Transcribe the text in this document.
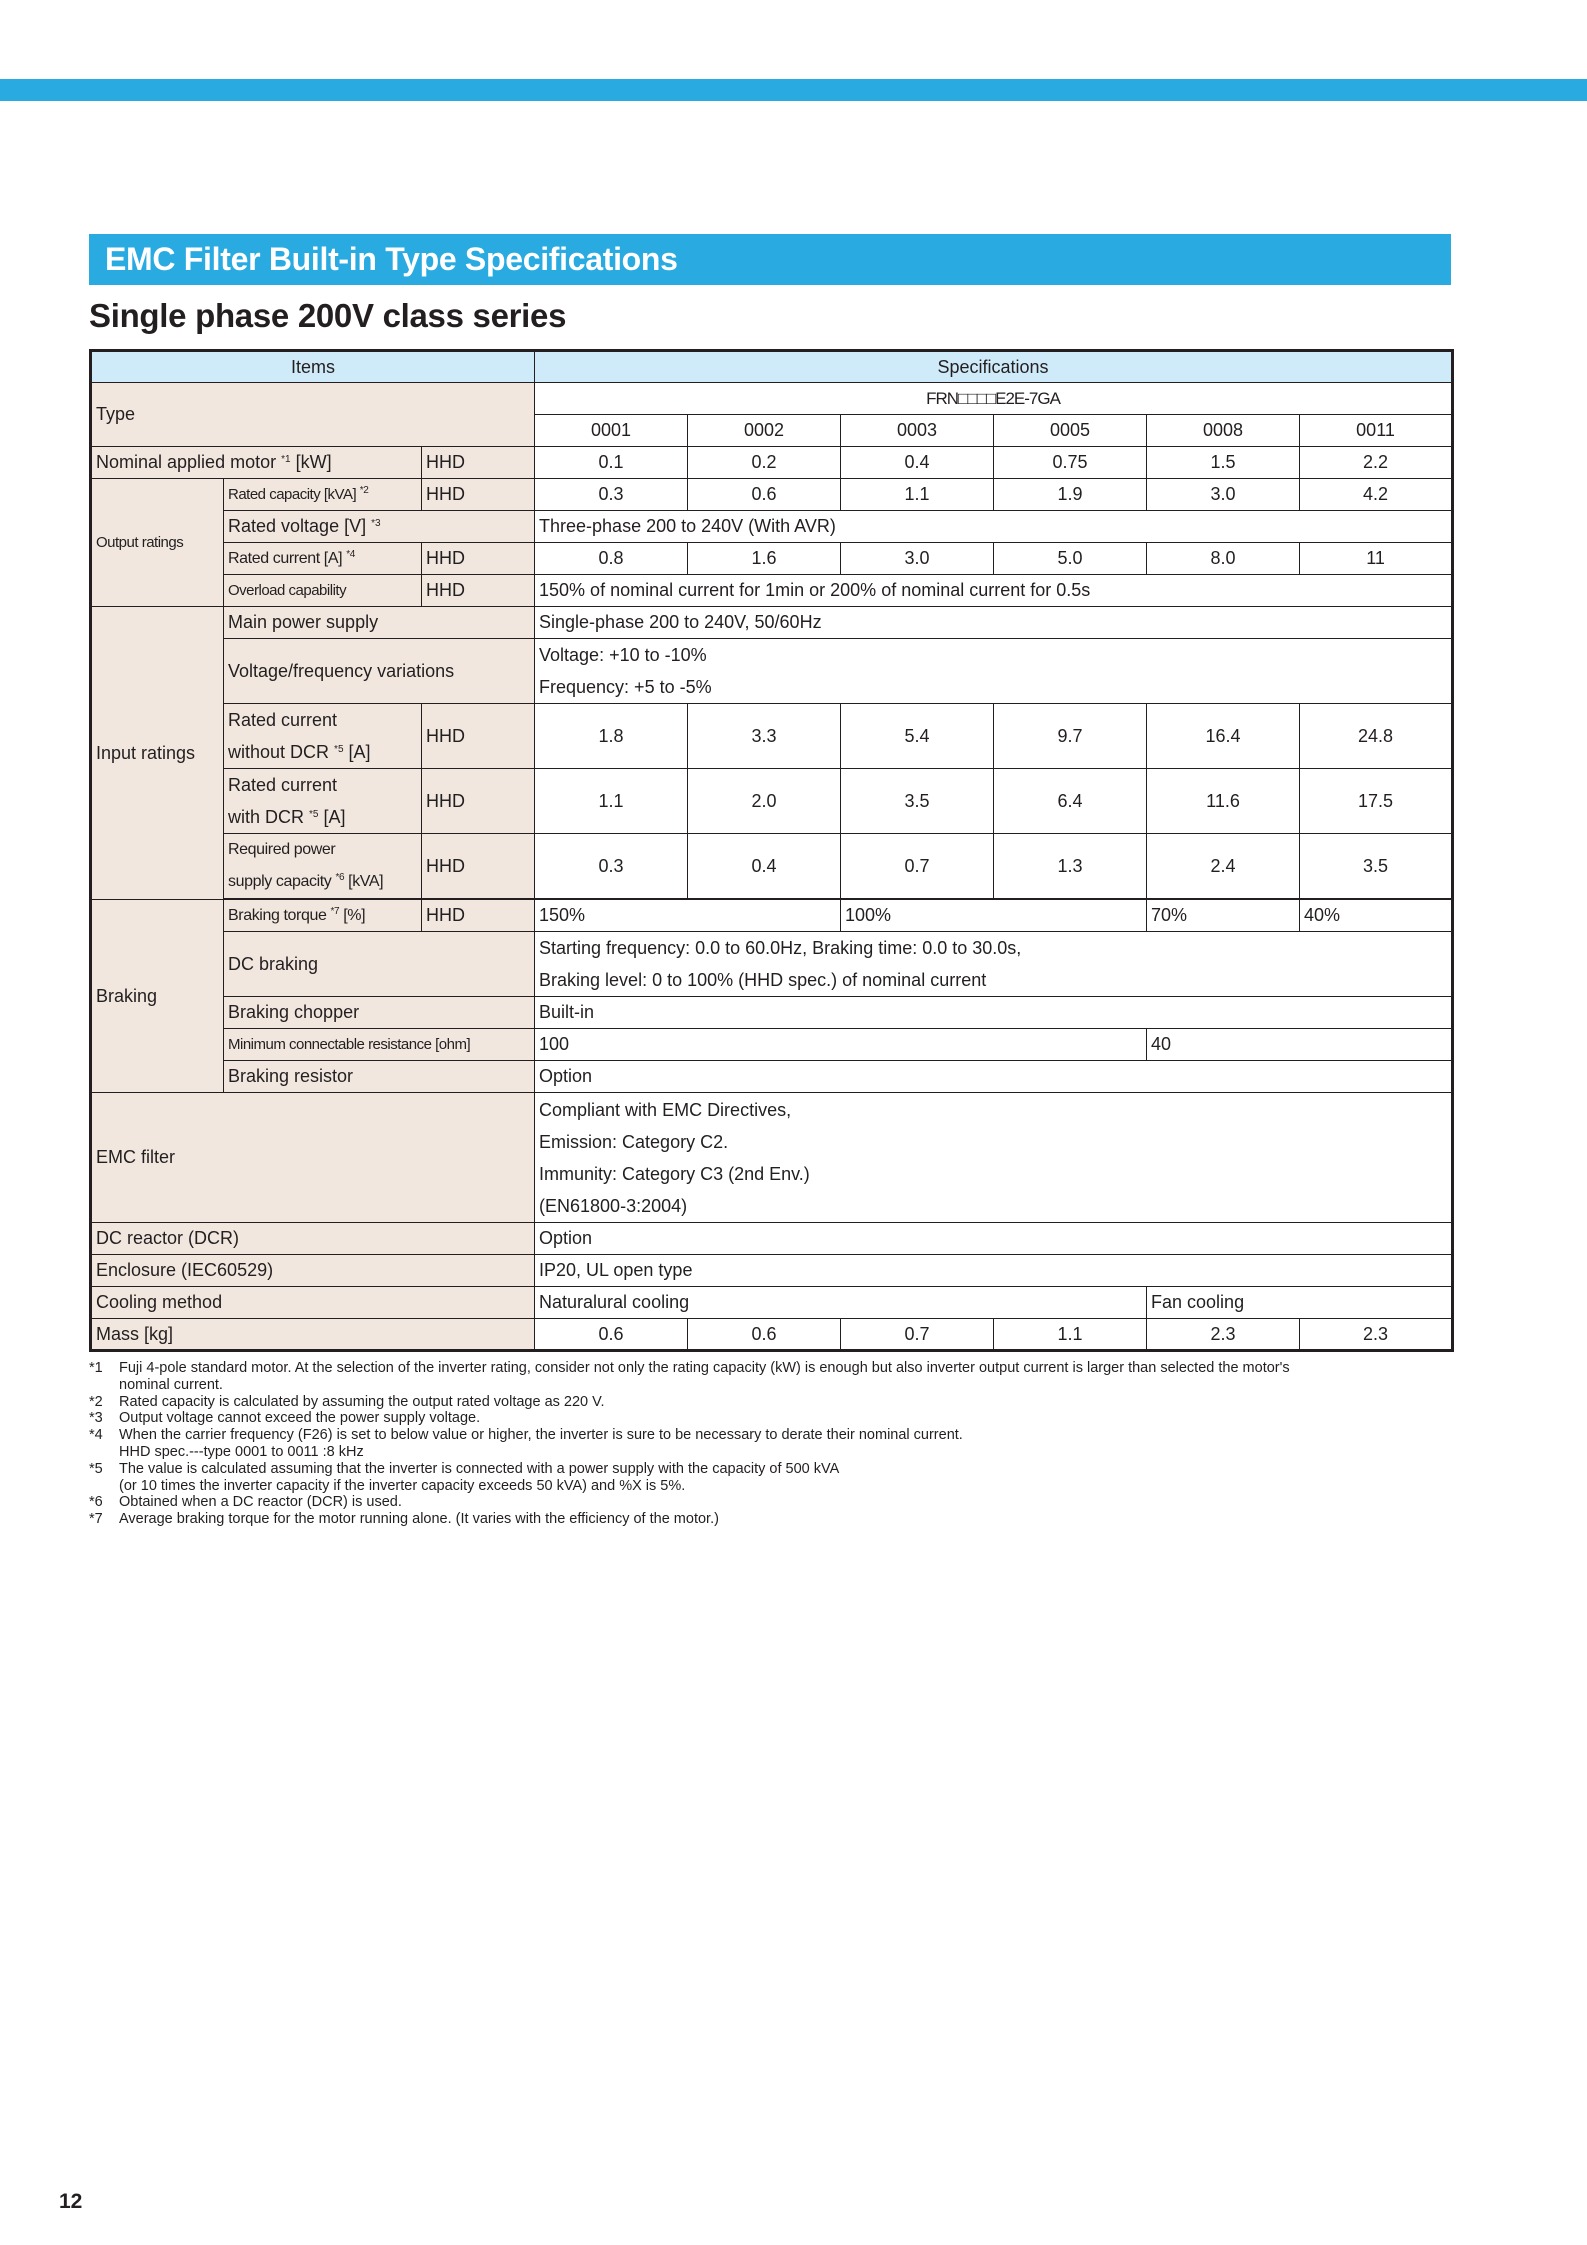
EMC Filter Built-in Type Specifications
Single phase 200V class series
Items			Specifications					
Type			FRN□□□□E2E-7GA					
			0001	0002	0003	0005	0008	0011
Nominal applied motor $^{*1}$ [kW]		HHD	0.1	0.2	0.4	0.75	1.5	2.2
Output ratings	Rated capacity [kVA] $^{*2}$	HHD	0.3	0.6	1.1	1.9	3.0	4.2
	Rated voltage [V] $^{*3}$		Three-phase 200 to 240V (With AVR)					
	Rated current [A] $^{*4}$	HHD	0.8	1.6	3.0	5.0	8.0	11
	Overload capability	HHD	150% of nominal current for 1min or 200% of nominal current for 0.5s					
Input ratings	Main power supply		Single-phase 200 to 240V, 50/60Hz					
	Voltage/frequency variations		Voltage: +10 to -10%
Frequency: +5 to -5%					

	Rated current
without DCR $^{*5}$ [A]	HHD	1.8	3.3	5.4	9.7	16.4	24.8

	Rated current
with DCR $^{*5}$ [A]	HHD	1.1	2.0	3.5	6.4	11.6	17.5

	Required power
supply capacity $^{*6}$ [kVA]	HHD	0.3	0.4	0.7	1.3	2.4	3.5

Braking	Braking torque $^{*7}$ [%]	HHD	150%		100%		70%	40%
	DC braking		Starting frequency: 0.0 to 60.0Hz, Braking time: 0.0 to 30.0s,
Braking level: 0 to 100% (HHD spec.) of nominal current					

	Braking chopper		Built-in					
	Minimum connectable resistance [ohm]		100				40	
	Braking resistor		Option					
EMC filter			Compliant with EMC Directives,
Emission: Category C2.
Immunity: Category C3 (2nd Env.)
(EN61800-3:2004)					

DC reactor (DCR)			Option					
Enclosure (IEC60529)			IP20, UL open type					
Cooling method			Naturalural cooling				Fan cooling	
Mass [kg]			0.6	0.6	0.7	1.1	2.3	2.3
*1	Fuji 4-pole standard motor. At the selection of the inverter rating, consider not only the rating capacity (kW) is enough but also inverter output current is larger than selected the motor's
nominal current.
*2	Rated capacity is calculated by assuming the output rated voltage as 220 V.
*3	Output voltage cannot exceed the power supply voltage.
*4	When the carrier frequency (F26) is set to below value or higher, the inverter is sure to be necessary to derate their nominal current.
HHD spec.---type 0001 to 0011 :8 kHz
*5	The value is calculated assuming that the inverter is connected with a power supply with the capacity of 500 kVA
(or 10 times the inverter capacity if the inverter capacity exceeds 50 kVA) and %X is 5%.
*6	Obtained when a DC reactor (DCR) is used.
*7	Average braking torque for the motor running alone. (It varies with the efficiency of the motor.)
12
